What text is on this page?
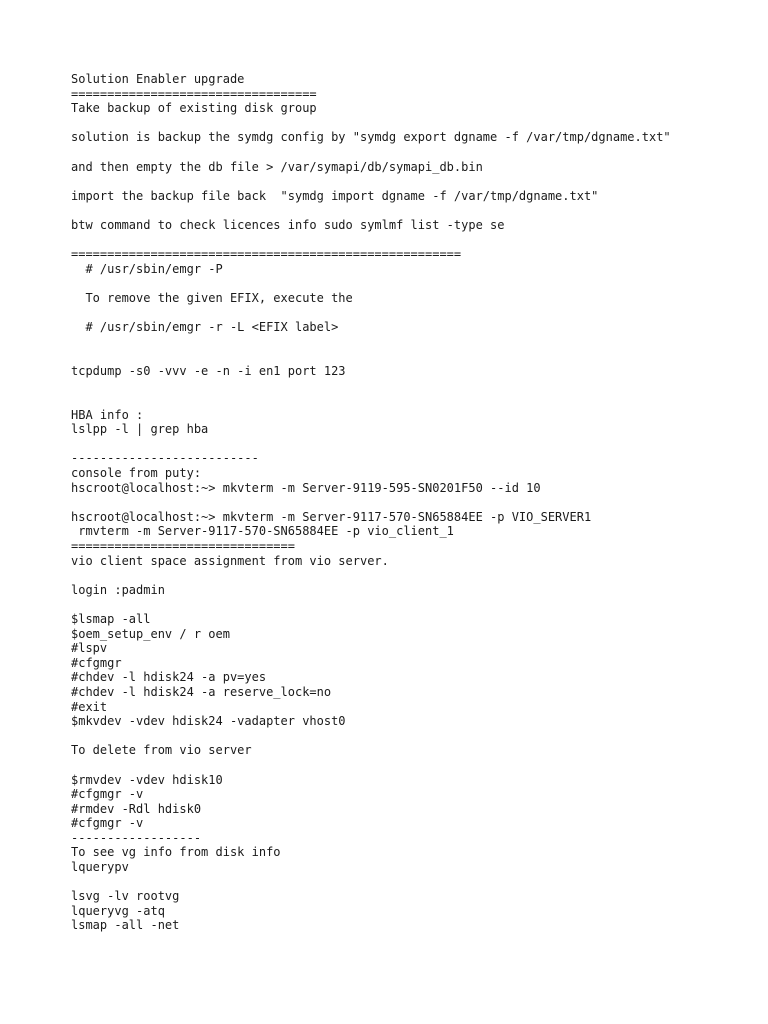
Solution Enabler upgrade
==================================
Take backup of existing disk group
solution is backup the symdg config by "symdg export dgname -f /var/tmp/dgname.txt"
and then empty the db file > /var/symapi/db/symapi_db.bin
import the backup file back  "symdg import dgname -f /var/tmp/dgname.txt"
btw command to check licences info sudo symlmf list -type se
======================================================
# /usr/sbin/emgr -P
To remove the given EFIX, execute the
# /usr/sbin/emgr -r -L <EFIX label>
tcpdump -s0 -vvv -e -n -i en1 port 123
HBA info :
lslpp -l | grep hba
--------------------------
console from puty:
hscroot@localhost:~> mkvterm -m Server-9119-595-SN0201F50 --id 10
hscroot@localhost:~> mkvterm -m Server-9117-570-SN65884EE -p VIO_SERVER1
rmvterm -m Server-9117-570-SN65884EE -p vio_client_1
===============================
vio client space assignment from vio server.
login :padmin
$lsmap -all
$oem_setup_env / r oem
#lspv
#cfgmgr
#chdev -l hdisk24 -a pv=yes
#chdev -l hdisk24 -a reserve_lock=no
#exit
$mkvdev -vdev hdisk24 -vadapter vhost0
To delete from vio server
$rmvdev -vdev hdisk10
#cfgmgr -v
#rmdev -Rdl hdisk0
#cfgmgr -v
------------------
To see vg info from disk info
lquerypv
lsvg -lv rootvg
lqueryvg -atq
lsmap -all -net
